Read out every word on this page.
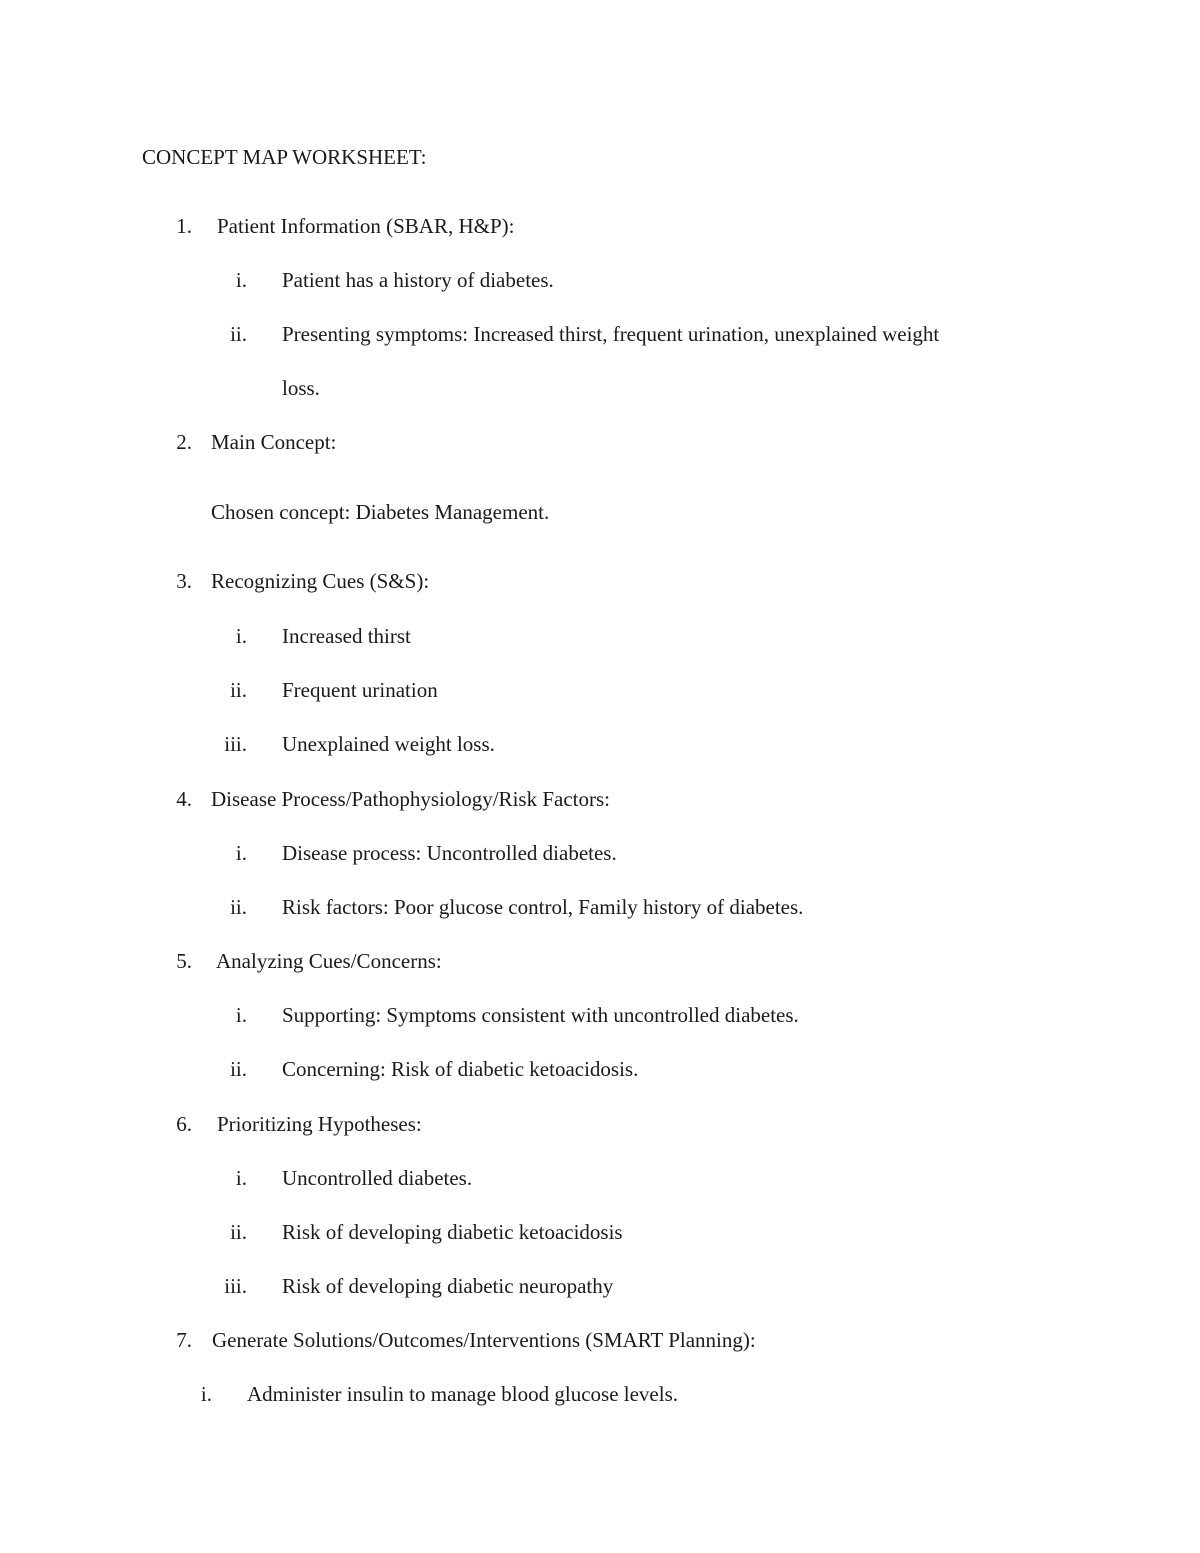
CONCEPT MAP WORKSHEET:
1. Patient Information (SBAR, H&P):
i. Patient has a history of diabetes.
ii. Presenting symptoms: Increased thirst, frequent urination, unexplained weight
loss.
2. Main Concept:
Chosen concept: Diabetes Management.
3. Recognizing Cues (S&S):
i. Increased thirst
ii. Frequent urination
iii. Unexplained weight loss.
4. Disease Process/Pathophysiology/Risk Factors:
i. Disease process: Uncontrolled diabetes.
ii. Risk factors: Poor glucose control, Family history of diabetes.
5. Analyzing Cues/Concerns:
i. Supporting: Symptoms consistent with uncontrolled diabetes.
ii. Concerning: Risk of diabetic ketoacidosis.
6. Prioritizing Hypotheses:
i. Uncontrolled diabetes.
ii. Risk of developing diabetic ketoacidosis
iii. Risk of developing diabetic neuropathy
7. Generate Solutions/Outcomes/Interventions (SMART Planning):
i. Administer insulin to manage blood glucose levels.
